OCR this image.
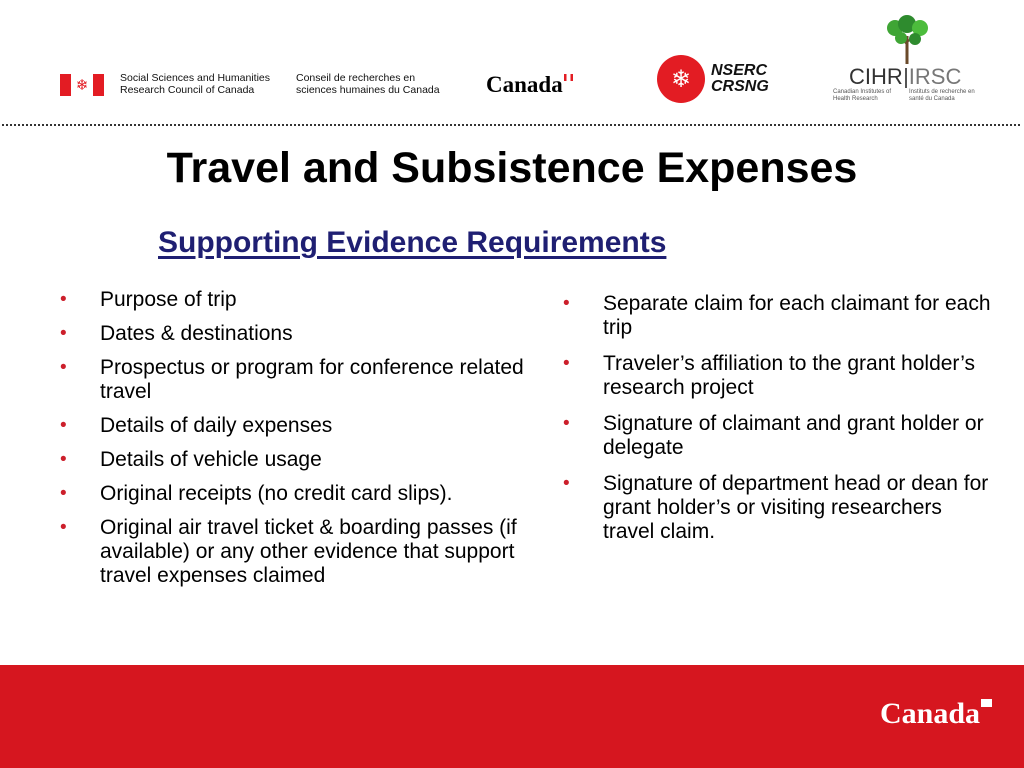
❄	Social Sciences and Humanities Research Council of Canada
Conseil de recherches en sciences humaines du Canada	Canada	❄	NSERC
CRSNG	CIHR IRSC
Canadian Institutes of Health Research
Instituts de recherche en santé du Canada
Travel and Subsistence Expenses
Supporting Evidence Requirements
• Purpose of trip
• Dates & destinations
• Prospectus or program for conference related travel
• Details of daily expenses
• Details of vehicle usage
• Original receipts (no credit card slips).
• Original air travel ticket & boarding passes (if available) or any other evidence that support travel expenses claimed
• Separate claim for each claimant for each trip
• Traveler’s affiliation to the grant holder’s research project
• Signature of claimant and grant holder or delegate
• Signature of department head or dean for grant holder’s or visiting researchers travel claim.
Canada
